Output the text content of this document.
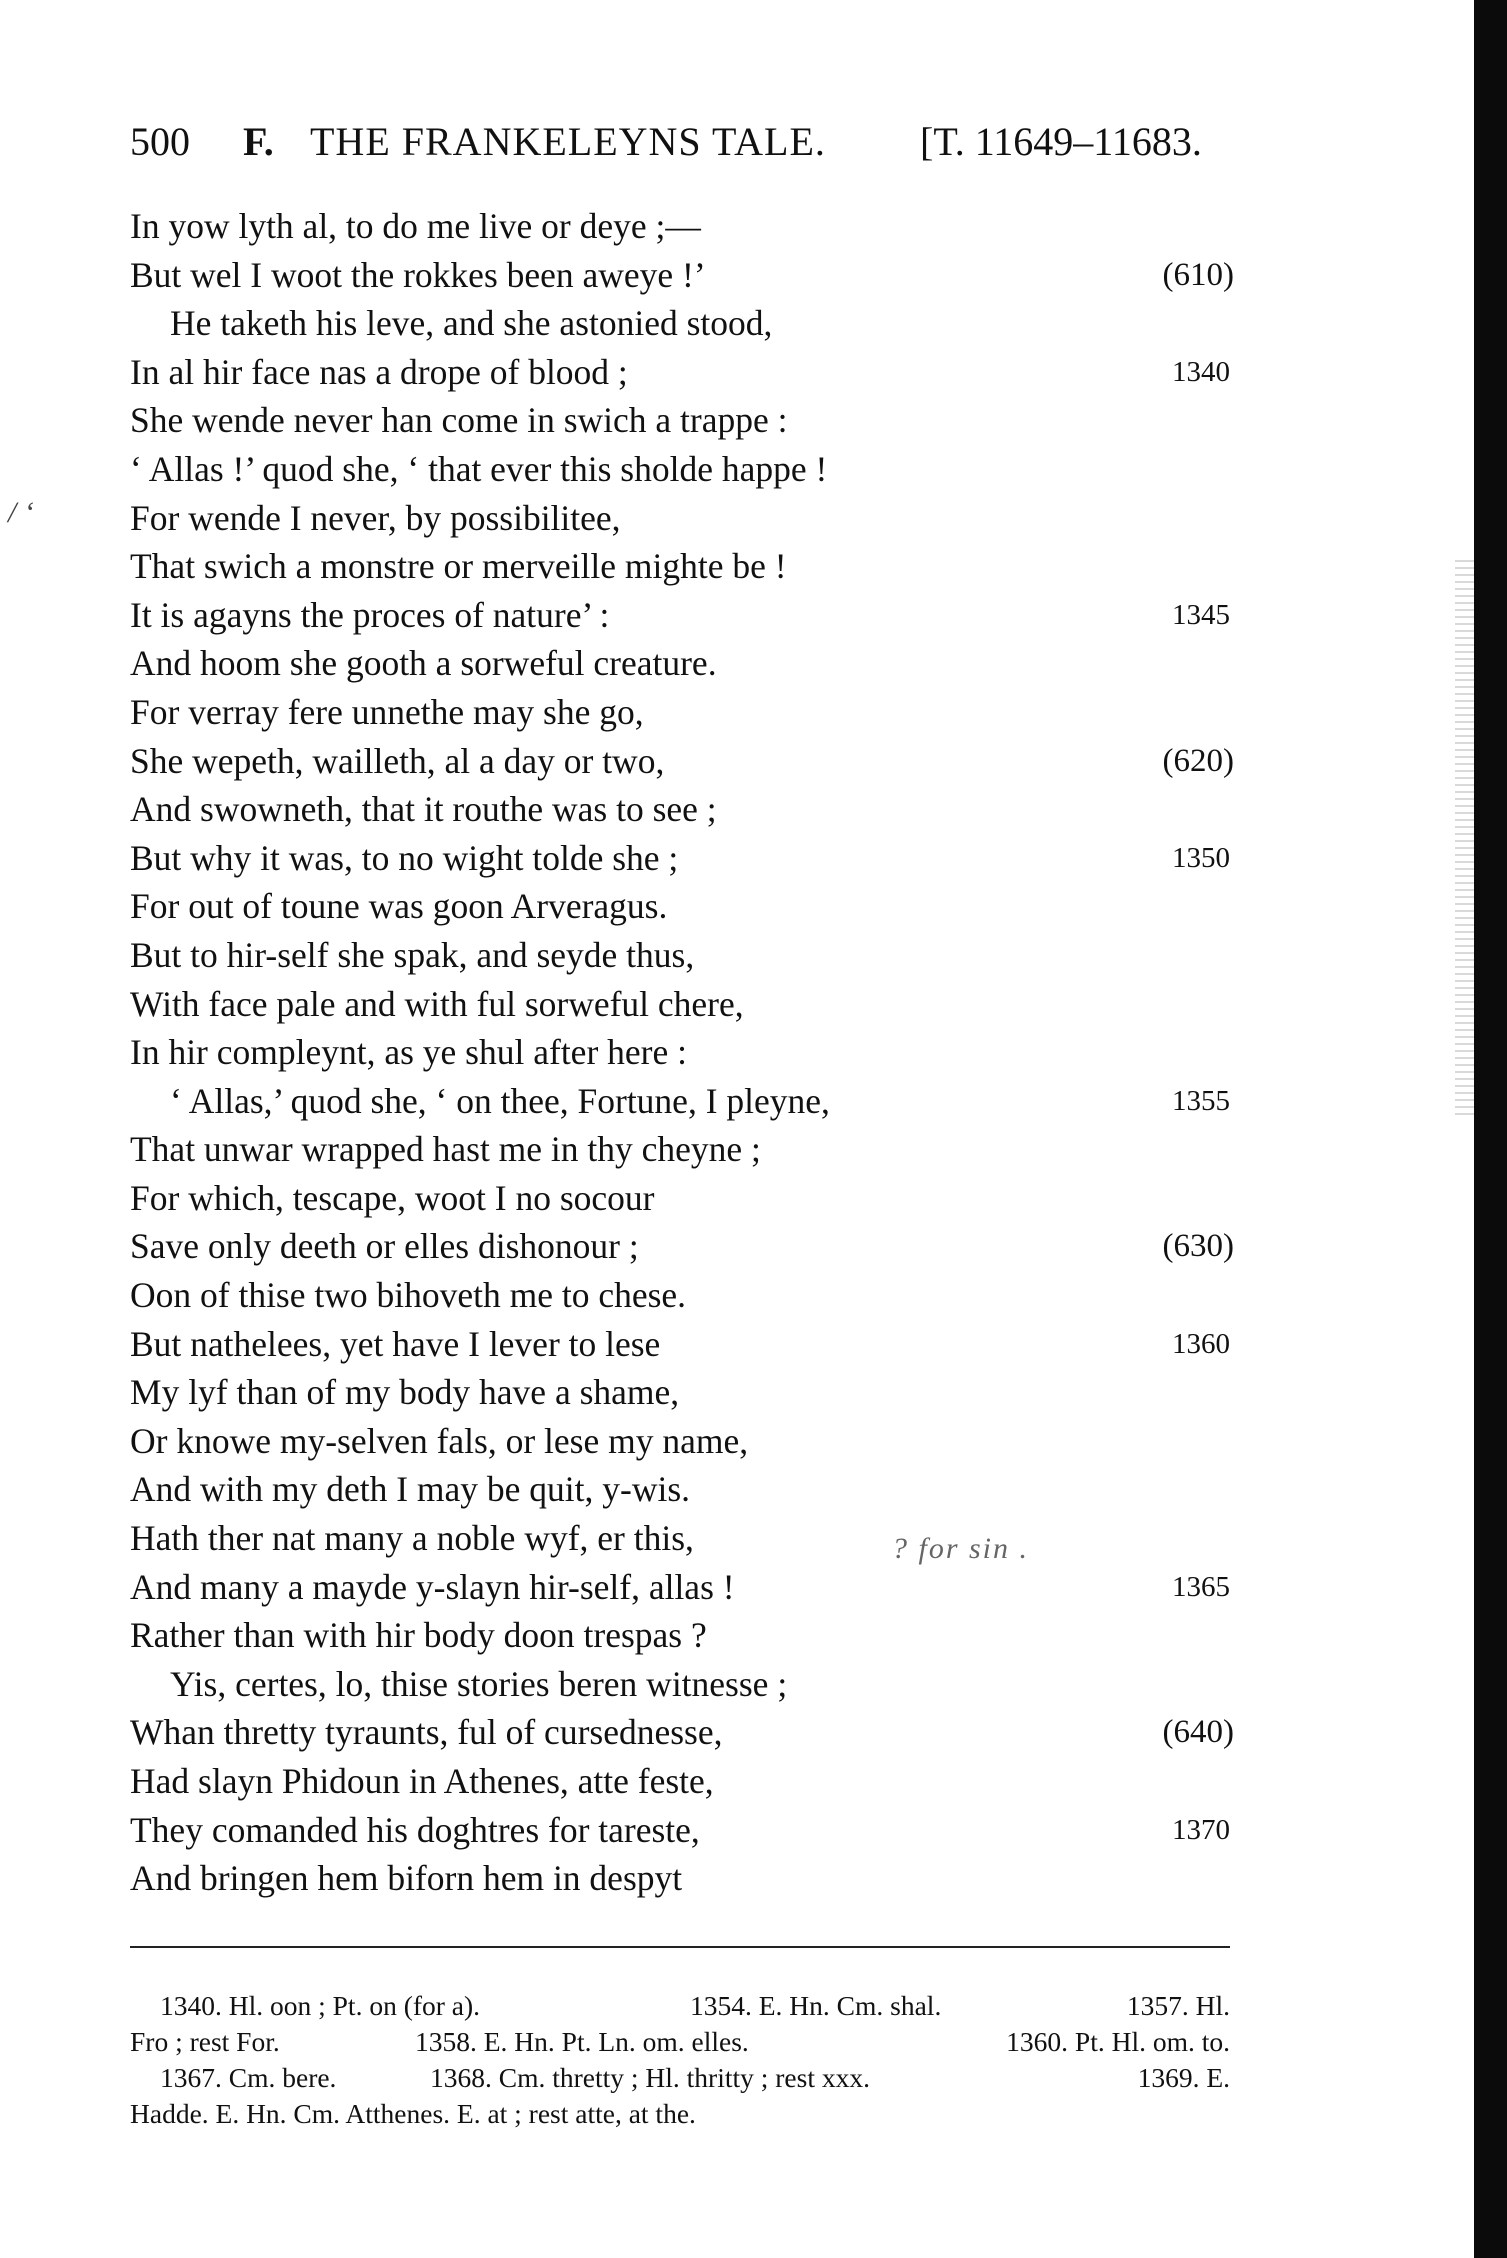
500 F. THE FRANKELEYNS TALE. [T. 11649–11683.
/ ‘
? for sin .
In yow lyth al, to do me live or deye ;—
But wel I woot the rokkes been aweye !’	(610)
He taketh his leve, and she astonied stood,
In al hir face nas a drope of blood ;	1340
She wende never han come in swich a trappe :
‘ Allas !’ quod she, ‘ that ever this sholde happe !
For wende I never, by possibilitee,
That swich a monstre or merveille mighte be !
It is agayns the proces of nature’ :	1345
And hoom she gooth a sorweful creature.
For verray fere unnethe may she go,
She wepeth, wailleth, al a day or two,	(620)
And swowneth, that it routhe was to see ;
But why it was, to no wight tolde she ;	1350
For out of toune was goon Arveragus.
But to hir-self she spak, and seyde thus,
With face pale and with ful sorweful chere,
In hir compleynt, as ye shul after here :
‘ Allas,’ quod she, ‘ on thee, Fortune, I pleyne,	1355
That unwar wrapped hast me in thy cheyne ;
For which, tescape, woot I no socour
Save only deeth or elles dishonour ;	(630)
Oon of thise two bihoveth me to chese.
But nathelees, yet have I lever to lese	1360
My lyf than of my body have a shame,
Or knowe my-selven fals, or lese my name,
And with my deth I may be quit, y-wis.
Hath ther nat many a noble wyf, er this,
And many a mayde y-slayn hir-self, allas !	1365
Rather than with hir body doon trespas ?
Yis, certes, lo, thise stories beren witnesse ;
Whan thretty tyraunts, ful of cursednesse,	(640)
Had slayn Phidoun in Athenes, atte feste,
They comanded his doghtres for tareste,	1370
And bringen hem biforn hem in despyt
1340. Hl. oon ; Pt. on (for a).	1354. E. Hn. Cm. shal.	1357. Hl.
Fro ; rest For.	1358. E. Hn. Pt. Ln. om. elles.	1360. Pt. Hl. om. to.
1367. Cm. bere.	1368. Cm. thretty ; Hl. thritty ; rest xxx.	1369. E.
Hadde. E. Hn. Cm. Atthenes. E. at ; rest atte, at the.
